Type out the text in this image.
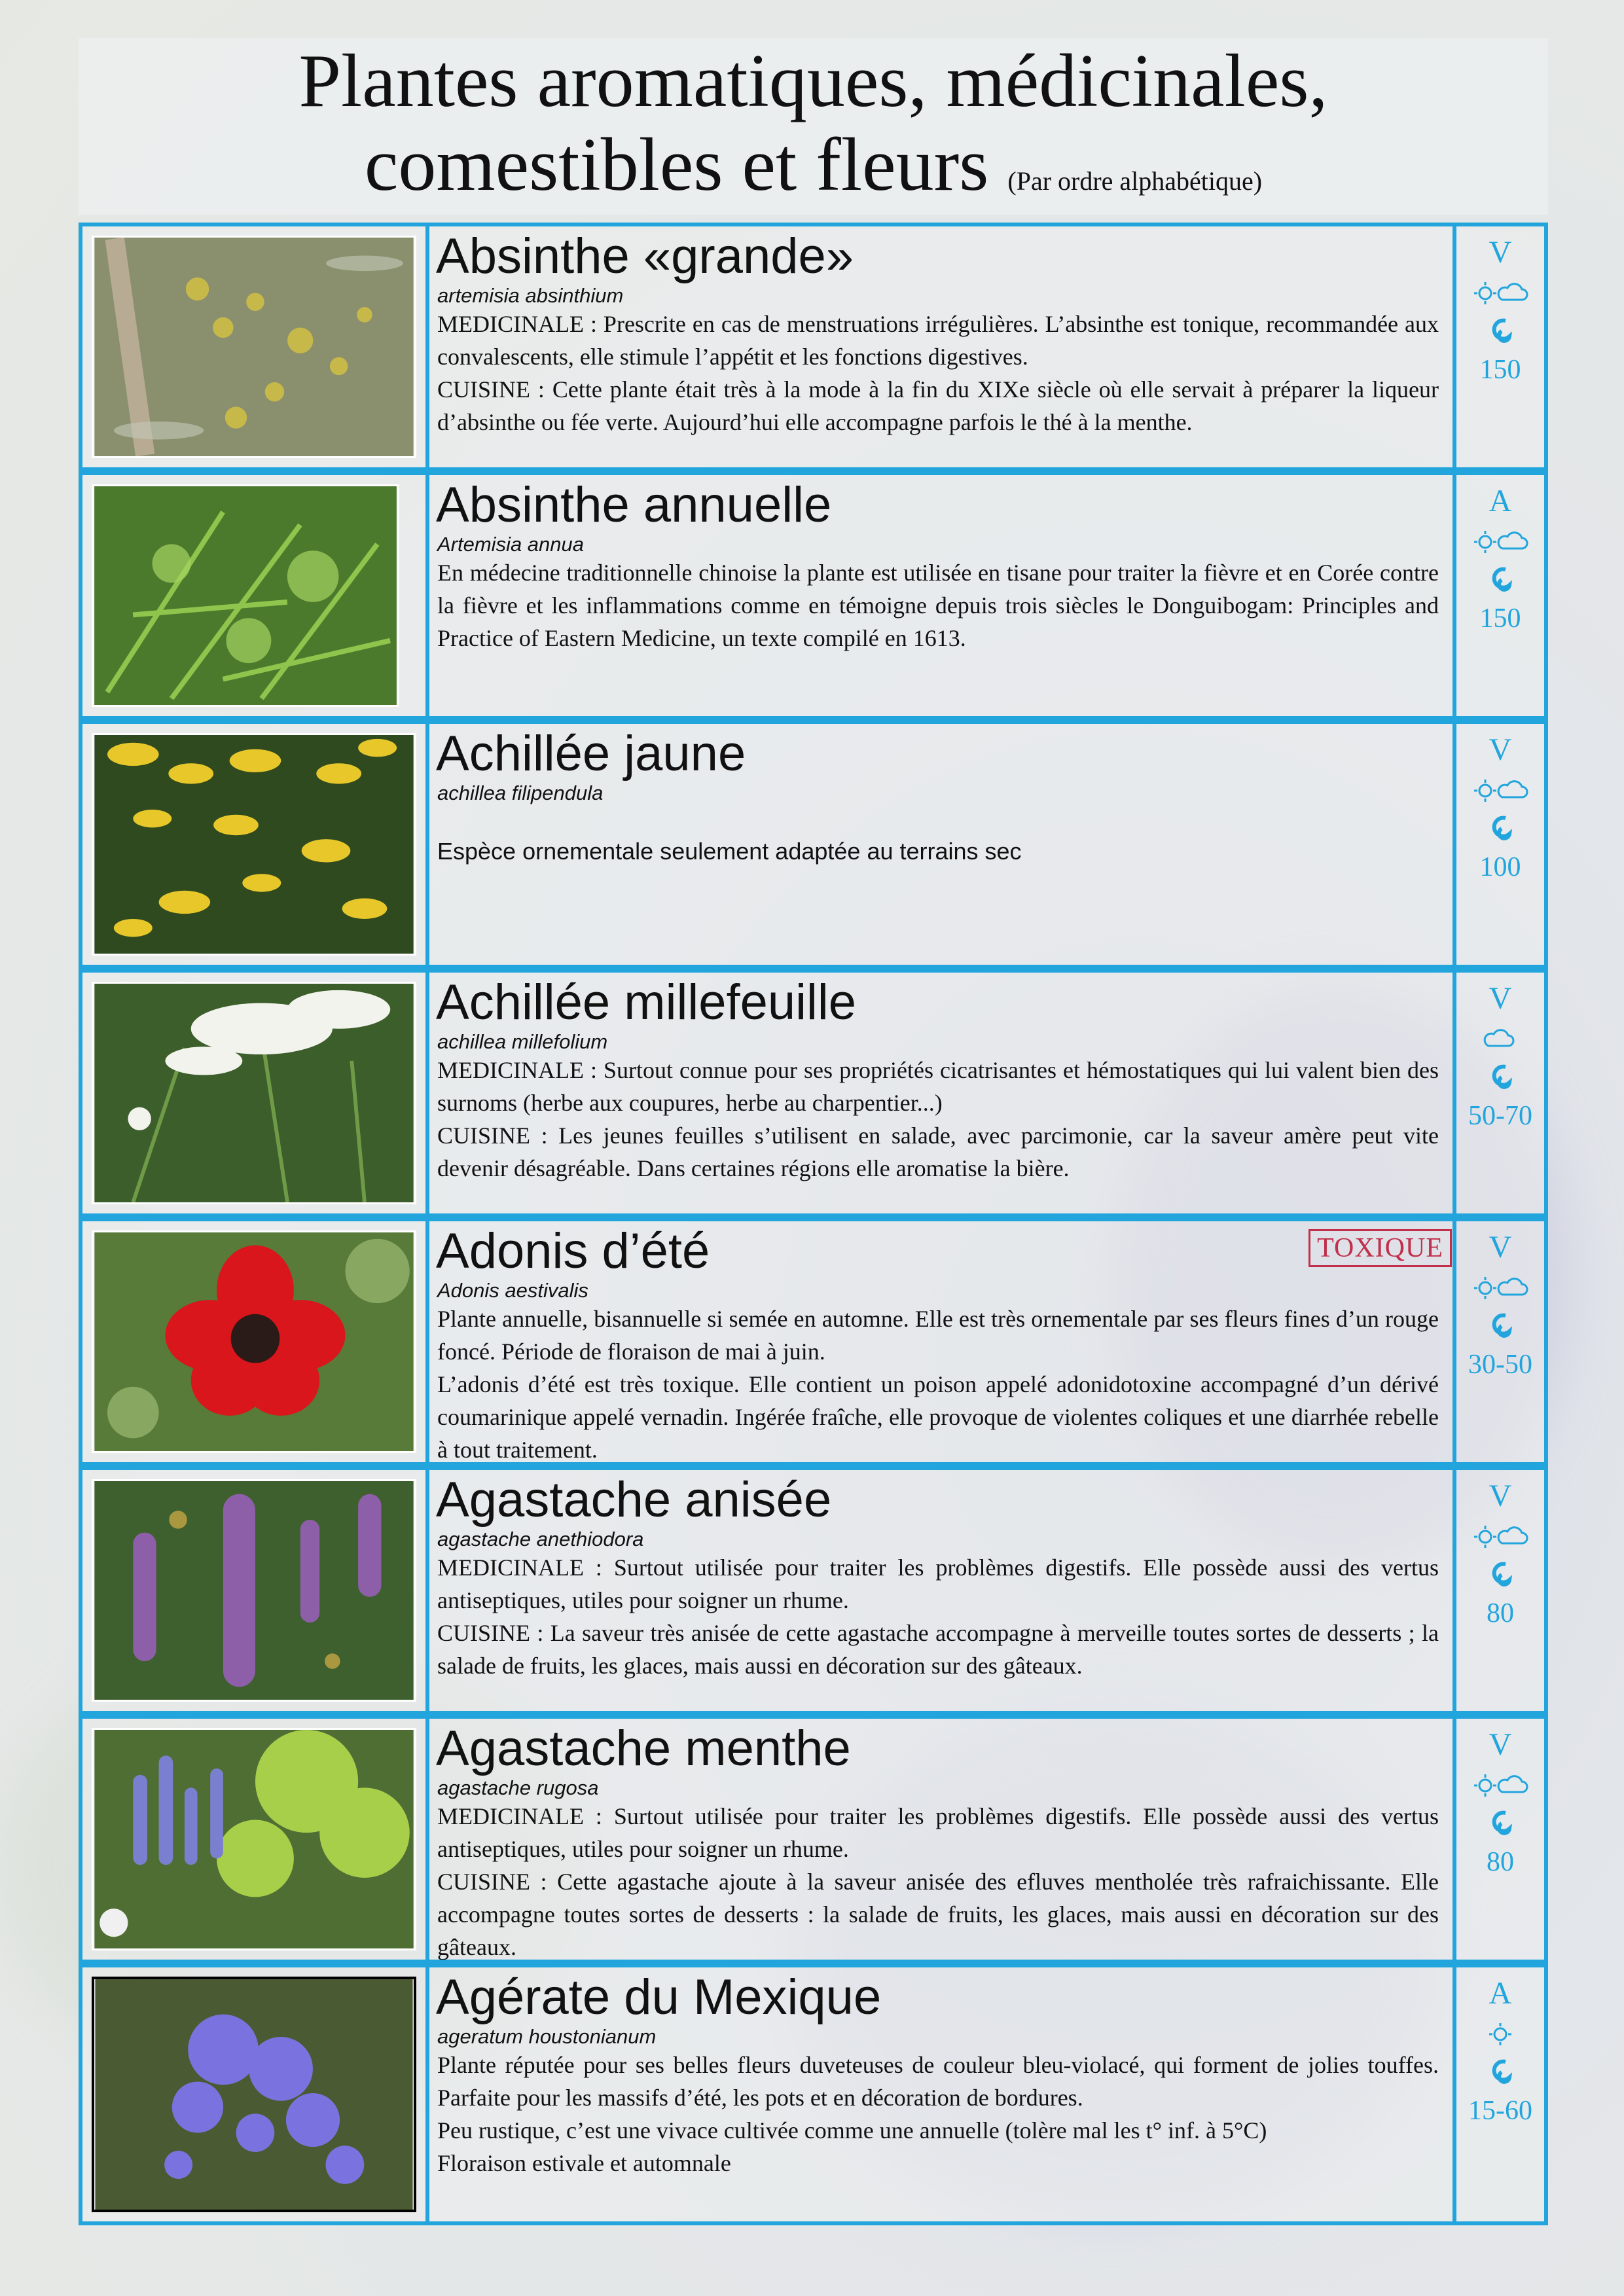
Plantes aromatiques, médicinales,
comestibles et fleurs (Par ordre alphabétique)
Absinthe «grande»
artemisia absinthium

MEDICINALE : Prescrite en cas de menstruations irrégulières. L’absinthe est tonique, recommandée aux convalescents, elle stimule l’appétit et les fonctions digestives.

CUISINE : Cette plante était très à la mode à la fin du XIXe siècle où elle servait à préparer la liqueur d’absinthe ou fée verte. Aujourd’hui elle accompagne parfois le thé à la menthe.

V
150
Absinthe annuelle
Artemisia annua

En médecine traditionnelle chinoise la plante est utilisée en tisane pour traiter la fièvre et en Corée contre la fièvre et les inflammations comme en témoigne depuis trois siècles le Donguibogam: Principles and Practice of Eastern Medicine, un texte compilé en 1613.

A
150
Achillée jaune
achillea filipendula

Espèce ornementale seulement adaptée au terrains sec

V
100
Achillée millefeuille
achillea millefolium

MEDICINALE : Surtout connue pour ses propriétés cicatrisantes et hémostatiques qui lui valent bien des surnoms (herbe aux coupures, herbe au charpentier...)

CUISINE : Les jeunes feuilles s’utilisent en salade, avec parcimonie, car la saveur amère peut vite devenir désagréable. Dans certaines régions elle aromatise la bière.

V
50-70
Adonis d’été	TOXIQUE
Adonis aestivalis

Plante annuelle, bisannuelle si semée en automne. Elle est très ornementale par ses fleurs fines d’un rouge foncé. Période de floraison de mai à juin.

L’adonis d’été est très toxique. Elle contient un poison appelé adonidotoxine accompagné d’un dérivé coumarinique appelé vernadin. Ingérée fraîche, elle provoque de violentes coliques et une diarrhée rebelle à tout traitement.

V
30-50
Agastache anisée
agastache anethiodora

MEDICINALE : Surtout utilisée pour traiter les problèmes digestifs. Elle possède aussi des vertus antiseptiques, utiles pour soigner un rhume.

CUISINE : La saveur très anisée de cette agastache accompagne à merveille toutes sortes de desserts ; la salade de fruits, les glaces, mais aussi en décoration sur des gâteaux.

V
80
Agastache menthe
agastache rugosa

MEDICINALE : Surtout utilisée pour traiter les problèmes digestifs. Elle possède aussi des vertus antiseptiques, utiles pour soigner un rhume.

CUISINE : Cette agastache ajoute à la saveur anisée des efluves mentholée très rafraichissante. Elle accompagne toutes sortes de desserts : la salade de fruits, les glaces, mais aussi en décoration sur des gâteaux.

V
80
Agérate du Mexique
ageratum houstonianum

Plante réputée pour ses belles fleurs duveteuses de couleur bleu-violacé, qui forment de jolies touffes. Parfaite pour les massifs d’été, les pots et en décoration de bordures.

Peu rustique, c’est une vivace cultivée comme une annuelle (tolère mal les t° inf. à 5°C)

Floraison estivale et automnale

A
15-60
